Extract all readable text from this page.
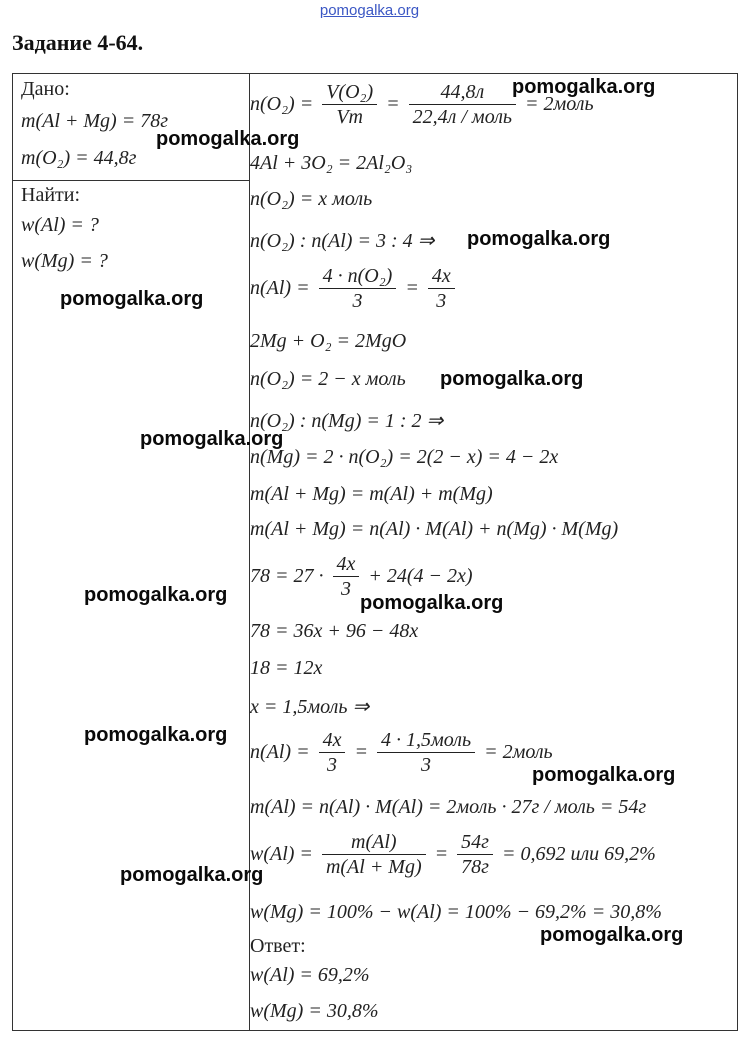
pomogalka.org
Задание 4-64.
Дано:
m(Al + Mg) = 78г
m(O₂) = 44,8г
Найти:
w(Al) = ?
w(Mg) = ?
$n(O_2) = \frac{\text{V(O₂)}}{Vm} = \frac{44,8л}{\text{22,4л / моль}}$ = 2моль
4Al + 3O₂ = 2Al₂O₃
n(O₂) = x моль
n(O₂) : n(Al) = 3 : 4 ⇒
$n(Al) = \frac{\text{4 · n(O₂)}}{3} = \frac{4x}{3}$
2Mg + O₂ = 2MgO
n(O₂) = 2 − x моль
n(O₂) : n(Mg) = 1 : 2 ⇒
n(Mg) = 2 · n(O₂) = 2(2 − x) = 4 − 2x
m(Al + Mg) = m(Al) + m(Mg)
m(Al + Mg) = n(Al) · M(Al) + n(Mg) · M(Mg)
$78 = 27 \cdot \frac{4x}{3} + 24(4 - 2x)$
78 = 36x + 96 − 48x
18 = 12x
x = 1,5моль ⇒
$n(Al) = \frac{4x}{3} = \frac{\text{4 · 1,5моль}}{3}$ = 2моль
m(Al) = n(Al) · M(Al) = 2моль · 27г / моль = 54г
$w(Al) = \frac{m(Al)}{m(Al + Mg)} = \frac{54г}{78г} = 0,692$ или 69,2%
w(Mg) = 100% − w(Al) = 100% − 69,2% = 30,8%
Ответ:
w(Al) = 69,2%
w(Mg) = 30,8%
pomogalka.org
pomogalka.org
pomogalka.org
pomogalka.org
pomogalka.org
pomogalka.org
pomogalka.org	pomogalka.org
pomogalka.org
pomogalka.org
pomogalka.org
pomogalka.org
